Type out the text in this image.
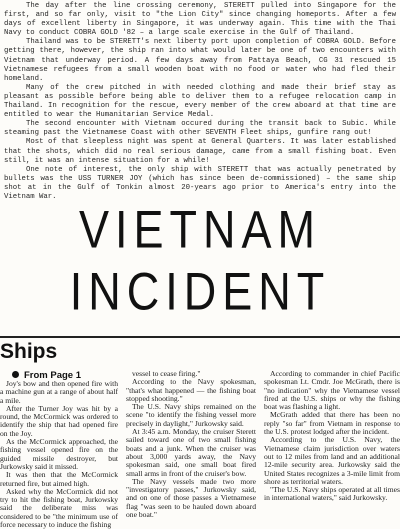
The day after the line crossing ceremony, STERETT pulled into Singapore for the first, and so far only, visit to "the Lion City" since changing homeports. After a few days of excellent liberty in Singapore, it was underway again. This time with the Thai Navy to conduct COBRA GOLD '82 – a large scale exercise in the Gulf of Thailand.

Thailand was to be STERETT's next liberty port upon completion of COBRA GOLD. Before getting there, however, the ship ran into what would later be one of two encounters with Vietnam that underway period. A few days away from Pattaya Beach, CG 31 rescued 15 Vietnamese refugees from a small wooden boat with no food or water who had fled their homeland.

Many of the crew pitched in with needed clothing and made their brief stay as pleasant as possible before being able to deliver them to a refugee relocation camp in Thailand. In recognition for the rescue, every member of the crew aboard at that time are entitled to wear the Humanitarian Service Medal.

The second encounter with Vietnam occured during the transit back to Subic. While steaming past the Vietnamese Coast with other SEVENTH Fleet ships, gunfire rang out!

Most of that sleepless night was spent at General Quarters. It was later established that the shots, which did no real serious damage, came from a small fishing boat. Even still, it was an intense situation for a while!

One note of interest, the only ship with STERETT that was actually penetrated by bullets was the USS TURNER JOY (which has since been de-commissioned) – the same ship shot at in the Gulf of Tonkin almost 20-years ago prior to America's entry into the Vietnam War.

VIETNAM
INCIDENT
Ships
From Page 1

Joy's bow and then opened fire with a machine gun at a range of about half a mile.

After the Turner Joy was hit by a round, the McCormick was ordered to identify the ship that had opened fire on the Joy.

As the McCormick approached, the fishing vessel opened fire on the guided missile destroyer, but Jurkowsky said it missed.

It was then that the McCormick returned fire, but aimed high.

Asked why the McCormick did not try to hit the fishing boat, Jurkowsky said the deliberate miss was considered to be "the minimum use of force necessary to induce the fishing

vessel to cease firing."

According to the Navy spokesman, "that's what happened — the fishing boat stopped shooting."

The U.S. Navy ships remained on the scene "to identify the fishing vessel more precisely in daylight," Jurkowsky said.

At 3:45 a.m. Monday, the cruiser Sterett sailed toward one of two small fishing boats and a junk. When the cruiser was about 3,000 yards away, the Navy spokesman said, one small boat fired small arms in front of the cruiser's bow.

The Navy vessels made two more "investigatory passes," Jurkowsky said, and on one of those passes a Vietnamese flag "was seen to be hauled down aboard one boat."

According to commander in chief Pacific spokesman Lt. Cmdr. Joe McGrath, there is "no indication" why the Vietnamese vessel fired at the U.S. ships or why the fishing boat was flashing a light.

McGrath added that there has been no reply "so far" from Vietnam in response to the U.S. protest lodged after the incident.

According to the U.S. Navy, the Vietnamese claim jurisdiction over waters out to 12 miles from land and an additional 12-mile security area. Jurkowsky said the United States recognizes a 3-mile limit from shore as territorial waters.

"The U.S. Navy ships operated at all times in international waters," said Jurkowsky.
